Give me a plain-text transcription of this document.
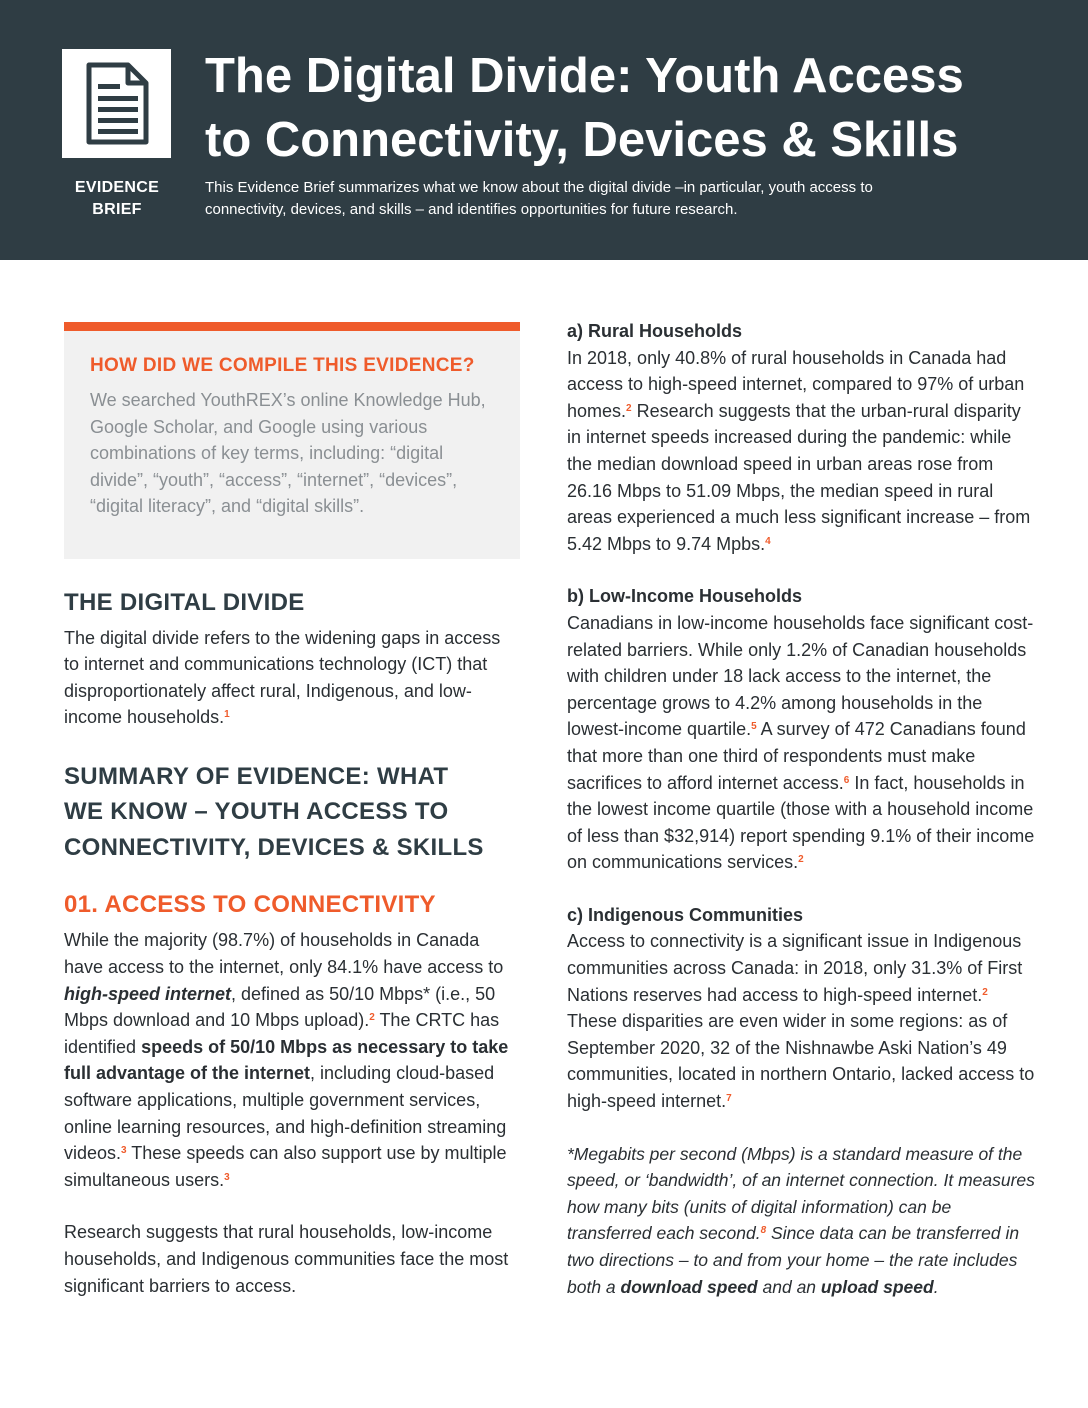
EVIDENCE
BRIEF
The Digital Divide: Youth Access
to Connectivity, Devices & Skills

This Evidence Brief summarizes what we know about the digital divide –in particular, youth access to connectivity, devices, and skills – and identifies opportunities for future research.

HOW DID WE COMPILE THIS EVIDENCE?

We searched YouthREX’s online Knowledge Hub, Google Scholar, and Google using various combinations of key terms, including: “digital divide”, “youth”, “access”, “internet”, “devices”, “digital literacy”, and “digital skills”.

THE DIGITAL DIVIDE

The digital divide refers to the widening gaps in access to internet and communications technology (ICT) that disproportionately affect rural, Indigenous, and low-income households.$^1$

SUMMARY OF EVIDENCE: WHAT
WE KNOW – YOUTH ACCESS TO
CONNECTIVITY, DEVICES & SKILLS
01. ACCESS TO CONNECTIVITY

While the majority (98.7%) of households in Canada have access to the internet, only 84.1% have access to high-speed internet, defined as 50/10 Mbps* (i.e., 50 Mbps download and 10 Mbps upload).$^2$ The CRTC has identified speeds of 50/10 Mbps as necessary to take full advantage of the internet, including cloud-based software applications, multiple government services, online learning resources, and high-definition streaming videos.$^3$ These speeds can also support use by multiple simultaneous users.$^3$

Research suggests that rural households, low-income households, and Indigenous communities face the most significant barriers to access.

a) Rural Households

In 2018, only 40.8% of rural households in Canada had access to high-speed internet, compared to 97% of urban homes.$^2$ Research suggests that the urban-rural disparity in internet speeds increased during the pandemic: while the median download speed in urban areas rose from 26.16 Mbps to 51.09 Mbps, the median speed in rural areas experienced a much less significant increase – from 5.42 Mbps to 9.74 Mpbs.$^4$

b) Low-Income Households

Canadians in low-income households face significant cost-related barriers. While only 1.2% of Canadian households with children under 18 lack access to the internet, the percentage grows to 4.2% among households in the lowest-income quartile.$^5$ A survey of 472 Canadians found that more than one third of respondents must make sacrifices to afford internet access.$^6$ In fact, households in the lowest income quartile (those with a household income of less than $32,914) report spending 9.1% of their income on communications services.$^2$

c) Indigenous Communities

Access to connectivity is a significant issue in Indigenous communities across Canada: in 2018, only 31.3% of First Nations reserves had access to high-speed internet.$^2$ These disparities are even wider in some regions: as of September 2020, 32 of the Nishnawbe Aski Nation’s 49 communities, located in northern Ontario, lacked access to high-speed internet.$^7$

*Megabits per second (Mbps) is a standard measure of the speed, or ‘bandwidth’, of an internet connection. It measures how many bits (units of digital information) can be transferred each second.$^8$ Since data can be transferred in two directions – to and from your home – the rate includes both a download speed and an upload speed.
